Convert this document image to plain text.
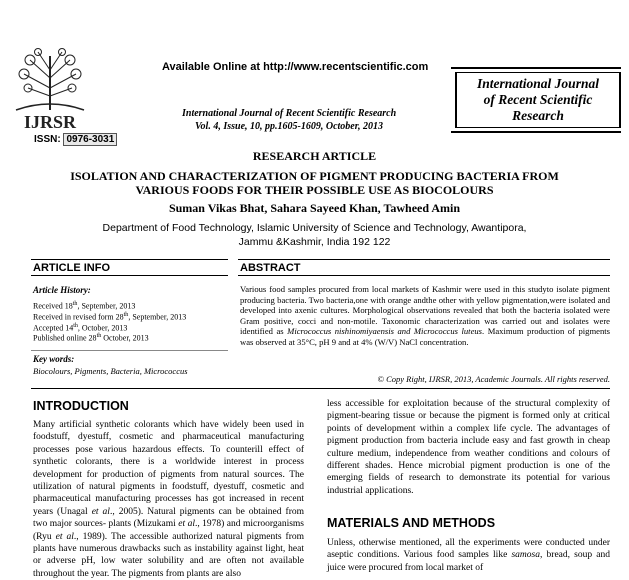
IJRSR
Available Online at http://www.recentscientific.com
International Journal of Recent Scientific Research
Vol. 4, Issue, 10, pp.1605-1609, October, 2013
ISSN: 0976-3031
International Journal
of Recent Scientific
Research
RESEARCH ARTICLE
ISOLATION AND CHARACTERIZATION OF PIGMENT PRODUCING BACTERIA FROM
VARIOUS FOODS FOR THEIR POSSIBLE USE AS BIOCOLOURS
Suman Vikas Bhat, Sahara Sayeed Khan, Tawheed Amin
Department of Food Technology, Islamic University of Science and Technology, Awantipora,
Jammu &Kashmir, India 192 122
ARTICLE INFO
Article History:
Received 18th, September, 2013
Received in revised form 28th, September, 2013
Accepted 14th, October, 2013
Published online 28th October, 2013
Key words:
Biocolours, Pigments, Bacteria, Micrococcus
ABSTRACT
Various food samples procured from local markets of Kashmir were used in this studyto isolate pigment producing bacteria. Two bacteria,one with orange andthe other with yellow pigmentation,were isolated and developed into axenic cultures. Morphological observations revealed that both the bacteria isolated were Gram positive, cocci and non-motile. Taxonomic characterization was carried out and isolates were identified as Micrococcus nishinomiyaensis and Micrococcus luteus. Maximum production of pigments was observed at 35°C, pH 9 and at 4% (W/V) NaCl concentration.
© Copy Right, IJRSR, 2013, Academic Journals. All rights reserved.
INTRODUCTION
Many artificial synthetic colorants which have widely been used in foodstuff, dyestuff, cosmetic and pharmaceutical manufacturing processes pose various hazardous effects. To counterill effect of synthetic colorants, there is a worldwide interest in process development for production of pigments from natural sources. The utilization of natural pigments in foodstuff, dyestuff, cosmetic and pharmaceutical manufacturing processes has got increased in recent years (Unagal et al., 2005). Natural pigments can be obtained from two major sources- plants (Mizukami et al., 1978) and microorganisms (Ryu et al., 1989). The accessible authorized natural pigments from plants have numerous drawbacks such as instability against light, heat or adverse pH, low water solubility and are often not available throughout the year. The pigments from plants are also
less accessible for exploitation because of the structural complexity of pigment-bearing tissue or because the pigment is formed only at critical points of development within a complex life cycle. The advantages of pigment production from bacteria include easy and fast growth in cheap culture medium, independence from weather conditions and colours of different shades. Hence microbial pigment production is one of the emerging fields of research to demonstrate its potential for various industrial applications.
MATERIALS AND METHODS
Unless, otherwise mentioned, all the experiments were conducted under aseptic conditions. Various food samples like samosa, bread, soup and juice were procured from local market of
